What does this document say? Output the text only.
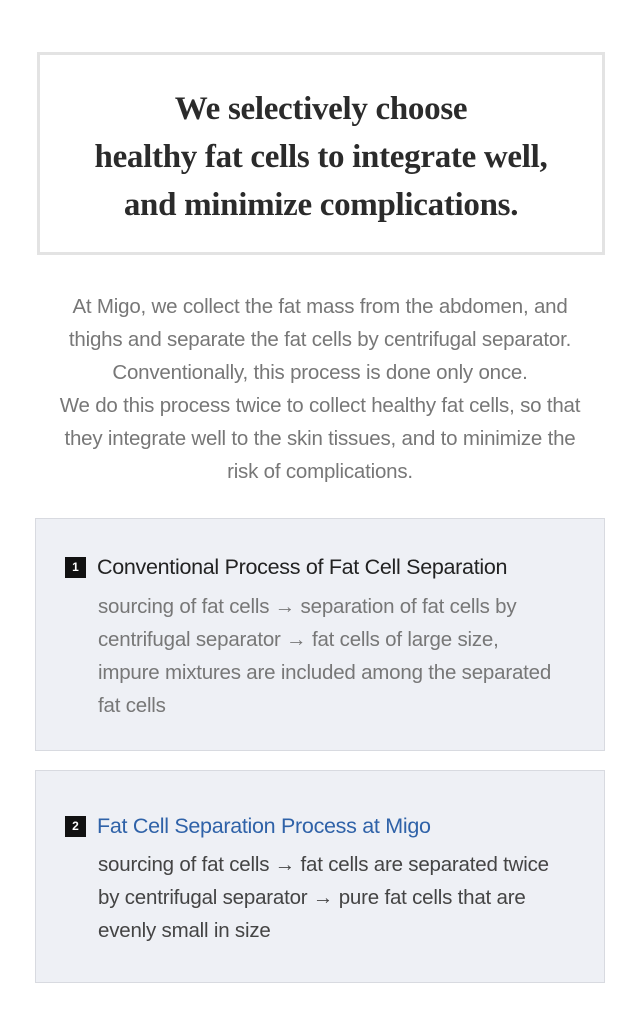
We selectively choose
healthy fat cells to integrate well,
and minimize complications.

At Migo, we collect the fat mass from the abdomen, and
thighs and separate the fat cells by centrifugal separator.
Conventionally, this process is done only once.
We do this process twice to collect healthy fat cells, so that
they integrate well to the skin tissues, and to minimize the
risk of complications.

1 Conventional Process of Fat Cell Separation
sourcing of fat cells → separation of fat cells by
centrifugal separator → fat cells of large size,
impure mixtures are included among the separated
fat cells
2 Fat Cell Separation Process at Migo
sourcing of fat cells → fat cells are separated twice
by centrifugal separator → pure fat cells that are
evenly small in size
